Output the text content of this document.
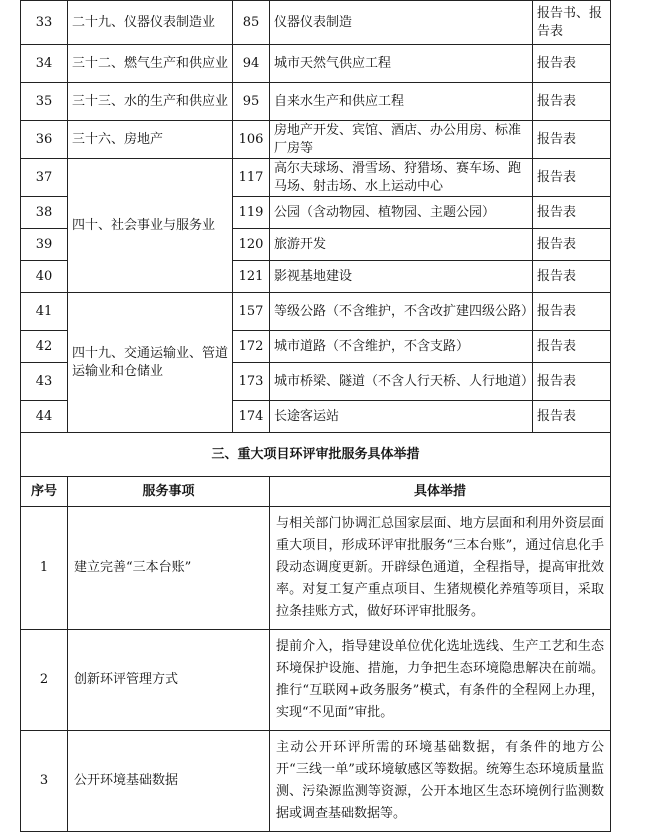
33	二十九、仪器仪表制造业	85	仪器仪表制造	报告书、报告表
34	三十二、燃气生产和供应业	94	城市天然气供应工程	报告表
35	三十三、水的生产和供应业	95	自来水生产和供应工程	报告表
36	三十六、房地产	106	房地产开发、宾馆、酒店、办公用房、标准厂房等	报告表
37	四十、社会事业与服务业	117	高尔夫球场、滑雪场、狩猎场、赛车场、跑马场、射击场、水上运动中心	报告表
38		119	公园（含动物园、植物园、主题公园）	报告表
39		120	旅游开发	报告表
40		121	影视基地建设	报告表
41	四十九、交通运输业、管道运输业和仓储业	157	等级公路（不含维护，不含改扩建四级公路）	报告表
42		172	城市道路（不含维护，不含支路）	报告表
43		173	城市桥梁、隧道（不含人行天桥、人行地道）	报告表
44		174	长途客运站	报告表
三、重大项目环评审批服务具体举措		
序号	服务事项	具体举措
1	建立完善“三本台账”	与相关部门协调汇总国家层面、地方层面和利用外资层面重大项目，形成环评审批服务“三本台账”，通过信息化手段动态调度更新。开辟绿色通道，全程指导，提高审批效率。对复工复产重点项目、生猪规模化养殖等项目，采取拉条挂账方式，做好环评审批服务。
2	创新环评管理方式	提前介入，指导建设单位优化选址选线、生产工艺和生态环境保护设施、措施，力争把生态环境隐患解决在前端。推行“互联网+政务服务”模式，有条件的全程网上办理，实现“不见面”审批。
3	公开环境基础数据	主动公开环评所需的环境基础数据，有条件的地方公开“三线一单”或环境敏感区等数据。统筹生态环境质量监测、污染源监测等资源，公开本地区生态环境例行监测数据或调查基础数据等。
